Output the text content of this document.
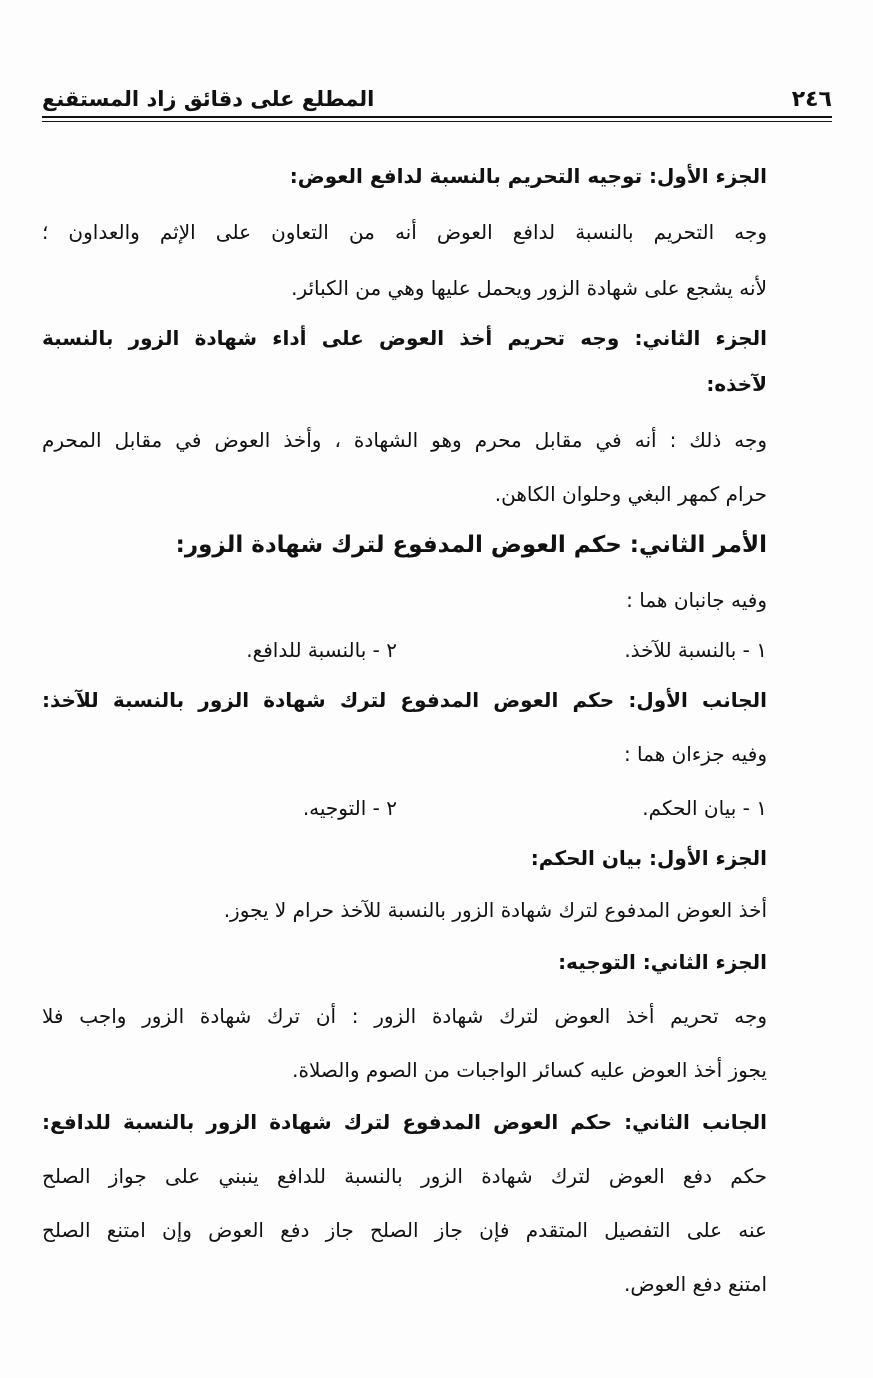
٢٤٦
المطلع على دقائق زاد المستقنع
الجزء الأول: توجيه التحريم بالنسبة لدافع العوض:
وجه التحريم بالنسبة لدافع العوض أنه من التعاون على الإثم والعداون ؛
لأنه يشجع على شهادة الزور ويحمل عليها وهي من الكبائر.
الجزء الثاني: وجه تحريم أخذ العوض على أداء شهادة الزور بالنسبة
لآخذه:
وجه ذلك : أنه في مقابل محرم وهو الشهادة ، وأخذ العوض في مقابل المحرم
حرام كمهر البغي وحلوان الكاهن.
الأمر الثاني: حكم العوض المدفوع لترك شهادة الزور:
وفيه جانبان هما :
١ - بالنسبة للآخذ.
٢ - بالنسبة للدافع.
الجانب الأول: حكم العوض المدفوع لترك شهادة الزور بالنسبة للآخذ:
وفيه جزءان هما :
١ - بيان الحكم.
٢ - التوجيه.
الجزء الأول: بيان الحكم:
أخذ العوض المدفوع لترك شهادة الزور بالنسبة للآخذ حرام لا يجوز.
الجزء الثاني: التوجيه:
وجه تحريم أخذ العوض لترك شهادة الزور : أن ترك شهادة الزور واجب فلا
يجوز أخذ العوض عليه كسائر الواجبات من الصوم والصلاة.
الجانب الثاني: حكم العوض المدفوع لترك شهادة الزور بالنسبة للدافع:
حكم دفع العوض لترك شهادة الزور بالنسبة للدافع ينبني على جواز الصلح
عنه على التفصيل المتقدم فإن جاز الصلح جاز دفع العوض وإن امتنع الصلح
امتنع دفع العوض.
